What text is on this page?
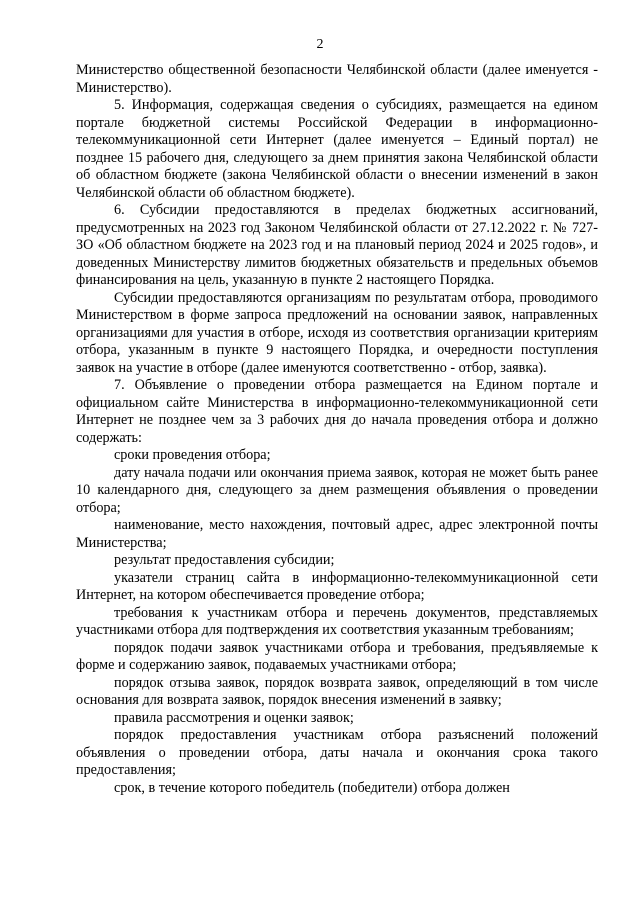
2

Министерство общественной безопасности Челябинской области (далее именуется - Министерство).

5. Информация, содержащая сведения о субсидиях, размещается на едином портале бюджетной системы Российской Федерации в информационно-телекоммуникационной сети Интернет (далее именуется – Единый портал) не позднее 15 рабочего дня, следующего за днем принятия закона Челябинской области об областном бюджете (закона Челябинской области о внесении изменений в закон Челябинской области об областном бюджете).

6. Субсидии предоставляются в пределах бюджетных ассигнований, предусмотренных на 2023 год Законом Челябинской области от 27.12.2022 г. № 727-ЗО «Об областном бюджете на 2023 год и на плановый период 2024 и 2025 годов», и доведенных Министерству лимитов бюджетных обязательств и предельных объемов финансирования на цель, указанную в пункте 2 настоящего Порядка.

Субсидии предоставляются организациям по результатам отбора, проводимого Министерством в форме запроса предложений на основании заявок, направленных организациями для участия в отборе, исходя из соответствия организации критериям отбора, указанным в пункте 9 настоящего Порядка, и очередности поступления заявок на участие в отборе (далее именуются соответственно - отбор, заявка).

7. Объявление о проведении отбора размещается на Едином портале и официальном сайте Министерства в информационно-телекоммуникационной сети Интернет не позднее чем за 3 рабочих дня до начала проведения отбора и должно содержать:

сроки проведения отбора;

дату начала подачи или окончания приема заявок, которая не может быть ранее 10 календарного дня, следующего за днем размещения объявления о проведении отбора;

наименование, место нахождения, почтовый адрес, адрес электронной почты Министерства;

результат предоставления субсидии;

указатели страниц сайта в информационно-телекоммуникационной сети Интернет, на котором обеспечивается проведение отбора;

требования к участникам отбора и перечень документов, представляемых участниками отбора для подтверждения их соответствия указанным требованиям;

порядок подачи заявок участниками отбора и требования, предъявляемые к форме и содержанию заявок, подаваемых участниками отбора;

порядок отзыва заявок, порядок возврата заявок, определяющий в том числе основания для возврата заявок, порядок внесения изменений в заявку;

правила рассмотрения и оценки заявок;

порядок предоставления участникам отбора разъяснений положений объявления о проведении отбора, даты начала и окончания срока такого предоставления;

срок, в течение которого победитель (победители) отбора должен
